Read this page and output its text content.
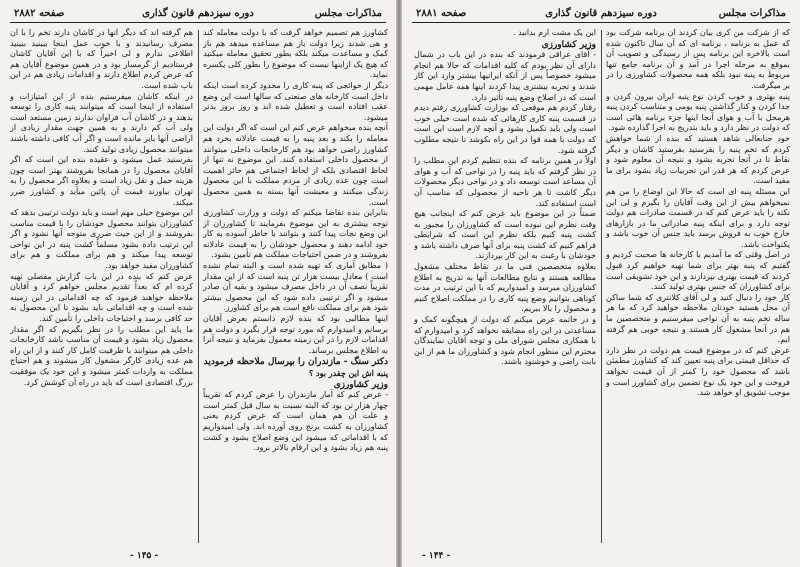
صفحه ۲۸۸۲	دوره سیزدهم قانون گذاری	مذاکرات مجلس

کشاورز هم تصمیم خواهد گرفت که با دولت معامله کند و هی شدند زیرا دولت باز هم مساعده میدهد هم باز کمک و مساعدت میکند بلکه بطور تحقیق معامله میکنید که هیچ یک ازاینها نیست که موضوع را بطور کلی یکسره نماید.

دیگر از حوائجی که پنبه کاری را محدود کرده است اینکه داخل است کارخانه های صنعتی که سالها است این وضع عقب افتاده است و تعطیل شده اند و روز بروز بدتر میشود.

آنچه بنده میخواهم عرض کنم این است که اگر دولت این معامله را بکند و بعد پنبه را به قیمت عادلانه بخرد هم کشاورز راضی خواهد بود هم کارخانجات داخلی میتوانند از محصول داخلی استفاده کنند. این موضوع نه تنها از لحاظ اقتصادی بلکه از لحاظ اجتماعی هم حائز اهمیت است چون عده زیادی از مردم مملکت با این محصول زندگی میکنند و معیشت آنها بسته به همین محصول است.

بنابراین بنده تقاضا میکنم که دولت و وزارت کشاورزی توجه بیشتری به این موضوع بفرمایند تا کشاورزان از این وضع نجات پیدا کنند و بتوانند با خاطر آسوده به کار خود ادامه دهند و محصول خودشان را به قیمت عادلانه بفروشند و در ضمن احتیاجات مملکت هم تأمین بشود.

( مطابق آماری که تهیه شده است و البته تمام نشده است ) معادل بیست هزار تن پنبه است که از این مقدار تقریباً نصف آن در داخل مصرف میشود و بقیه آن صادر میشود و اگر ترتیبی داده شود که این محصول بیشتر شود هم برای مملکت نافع است هم برای کشاورز.

اینها مطالبی بود که بنده لازم دانستم بعرض آقایان برسانم و امیدوارم که مورد توجه قرار بگیرد و دولت هم اقدامات لازم را در این زمینه معمول بفرماید و نتیجه آنرا به اطلاع مجلس برساند.

دکتر سنگ - مازندران را بپرسال ملاحظه فرمودید
پنبه اش این چقدر بود ؟
وزیر کشاورزی

- عرض کنم که آمار مازندران را عرض کردم که تقریباً چهار هزار تن بود که البته نسبت به سال قبل کمتر است و علت آن هم همان است که عرض کردم یعنی کشاورزان به کشت برنج روی آورده اند. ولی امیدواریم که با اقداماتی که میشود این وضع اصلاح بشود و کشت پنبه هم زیاد بشود و این ارقام بالاتر برود.

هم گرفته اند که دیگر آنها در کاشان دارند تخم را با آن مصرف رسانیدند و با خوب عمل اینجا ببینید ببینید اطلاعی ندارم و لی اخیراً که با این آقایان کاشان فرستادیم از گرمسار بود و در همین موضوع آقایان هم که عرض کردم اطلاع دارند و اقدامات زیادی هم در این باب شده است.

در اینکه کاشان میفرستیم بنده از این امتیازات و استفاده از اینجا است که میتوانند پنبه کاری را توسعه بدهند و در کاشان آب فراوان ندارند زمین مستعد است ولی آب کم دارند و به همین جهت مقدار زیادی از اراضی آنها بایر مانده است و اگر آب کافی داشته باشند میتوانند محصول زیادی تولید کنند.

بفرستید عمل میشود و عقیده بنده این است که اگر آقایان محصول را در همانجا بفروشند بهتر است چون هزینه حمل و نقل زیاد است و بعلاوه اگر محصول را به تهران بیاورند قیمت آن پائین میآید و کشاورز ضرر میکند.

این موضوع خیلی مهم است و باید دولت ترتیبی بدهد که کشاورزان بتوانند محصول خودشان را با قیمت مناسب بفروشند و از این حیث ضرری متوجه آنها نشود و اگر این ترتیب داده بشود مسلماً کشت پنبه در این نواحی توسعه پیدا میکند و هم برای مملکت و هم برای کشاورزان مفید خواهد بود.

عرض کنم که بنده در این باب گزارش مفصلی تهیه کرده ام که بعداً تقدیم مجلس خواهم کرد و آقایان ملاحظه خواهند فرمود که چه اقداماتی در این زمینه شده است و چه اقداماتی باید بشود تا این محصول به حد کافی برسد و احتیاجات داخلی را تأمین کند.

ما باید این مطلب را در نظر بگیریم که اگر مقدار محصول زیاد بشود و قیمت آن مناسب باشد کارخانجات داخلی هم میتوانند با ظرفیت کامل کار کنند و از این راه هم عده زیادی کارگر مشغول کار میشوند و هم احتیاج مملکت به واردات کمتر میشود و این خود یک موفقیت بزرگ اقتصادی است که باید در راه آن کوشش کرد.

- ۱۴۵ -
صفحه ۲۸۸۱	دوره سیزدهم قانون گذاری	مذاکرات مجلس

که از شرکت من کری بیان کردند آن برنامه شرکت بود که عمل به برنامه ، برنامه ای که آن سال تاکنون شده است بالاخره این برنامه پس از رسیدگی و تصویب آن بموقع به مرحله اجرا در آمد و آن برنامه جامع تنها مربوط به پنبه نبود بلکه همه محصولات کشاورزی را در بر میگرفت.

پنبه بهتری و خوب کردن نوع پنبه ایران بیرون کردن و جدا کردن و کنار گذاشتن پنبه بومی و متناسب کردن پنبه هرمحل با آب و هوای آنجا اینها جزء برنامه هائی است که دولت در نظر دارد و باید بتدریج به اجرا گذارده شود.

خود جنابعالی شاهد هستید که بنده از شما خواهش کردم که تخم پنبه را بفرستید بفرستید کاشان و دیگر نقاط تا در آنجا تجربه بشود و نتیجه آن معلوم شود و عرض کردم که هر قدر این تجربیات زیاد بشود برای ما مفید است.

این مسئله پنبه ای است که حالا این اوضاع را من هم نمیخواهم بیش از این وقت آقایان را بگیرم و لی این نکته را باید عرض کنم که در قسمت صادرات هم دولت توجه دارد و برای اینکه پنبه صادراتی ما در بازارهای خارج خوب به فروش برسد باید جنس آن خوب باشد و یکنواخت باشد.

در اصل وقتی که ما آمدیم با کارخانه ها صحبت کردیم و گفتیم که پنبه بهتر برای شما تهیه خواهیم کرد قبول کردند که قیمت بهتری بپردازند و این خود تشویقی است برای کشاورزان که جنس بهتری تولید کنند.

کار خود را دنبال کنید و لی آقای کلانتری که شما ساکن آن محل هستید خودتان ملاحظه خواهید کرد که ما هر ساله تخم پنبه به آن نواحی میفرستیم و متخصصین ما هم در آنجا مشغول کار هستند و نتیجه خوبی هم گرفته ایم.

عرض کنم که در موضوع قیمت هم دولت در نظر دارد که حداقل قیمتی برای پنبه تعیین کند که کشاورز مطمئن باشد که محصول خود را کمتر از آن قیمت نخواهد فروخت و این خود یک نوع تضمین برای کشاورز است و موجب تشویق او خواهد شد.

این یک مشت آرم بدانید .

وزیر کشاورزی

- آقای عراقی فرمودند که بنده در این باب در شمال دارای آن نظر بودم که کلیه اقدامات که حالا هم انجام میشود خصوصاً پس از آنکه ایرانیها بیشتر وارد این کار شدند و تجربه بیشتری پیدا کردند اینها همه عامل مهمی است که در اصلاح وضع پنبه تأثیر دارد.

رفتار کردم هم موقعی که بوزارت کشاورزی رفتم دیدم در قسمت پنبه کاری کارهائی که شده است خیلی خوب است ولی باید تکمیل بشود و آنچه لازم است این است که دولت با همه قوا در این راه بکوشد تا نتیجه مطلوب گرفته شود.

اولاً در همین برنامه که بنده تنظیم کردم این مطلب را در نظر گرفتم که باید پنبه را در نواحی که آب و هوای آن مساعد است توسعه داد و در نواحی دیگر محصولات دیگر کاشت تا هر ناحیه از محصولی که مناسب آن است استفاده کند.

ضمناً در این موضوع باید عرض کنم که اینجانب هیچ وقت نظرم این نبوده است که کشاورزان را مجبور به کشت پنبه کنیم بلکه نظرم این است که شرایطی فراهم کنیم که کشت پنبه برای آنها صرف داشته باشد و خودشان با رغبت به این کار بپردازند.

بعلاوه متخصصین فنی ما در نقاط مختلف مشغول مطالعه هستند و نتایج مطالعات آنها به تدریج به اطلاع کشاورزان میرسد و امیدواریم که با این ترتیب در مدت کوتاهی بتوانیم وضع پنبه کاری را در مملکت اصلاح کنیم و محصول را بالا ببریم.

و در خاتمه عرض میکنم که دولت از هیچگونه کمک و مساعدتی در این راه مضایقه نخواهد کرد و امیدوارم که با همکاری مجلس شورای ملی و توجه آقایان نمایندگان محترم این منظور انجام شود و کشاورزان ما هم از این بابت راضی و خوشنود باشند.

- ۱۴۴ -
